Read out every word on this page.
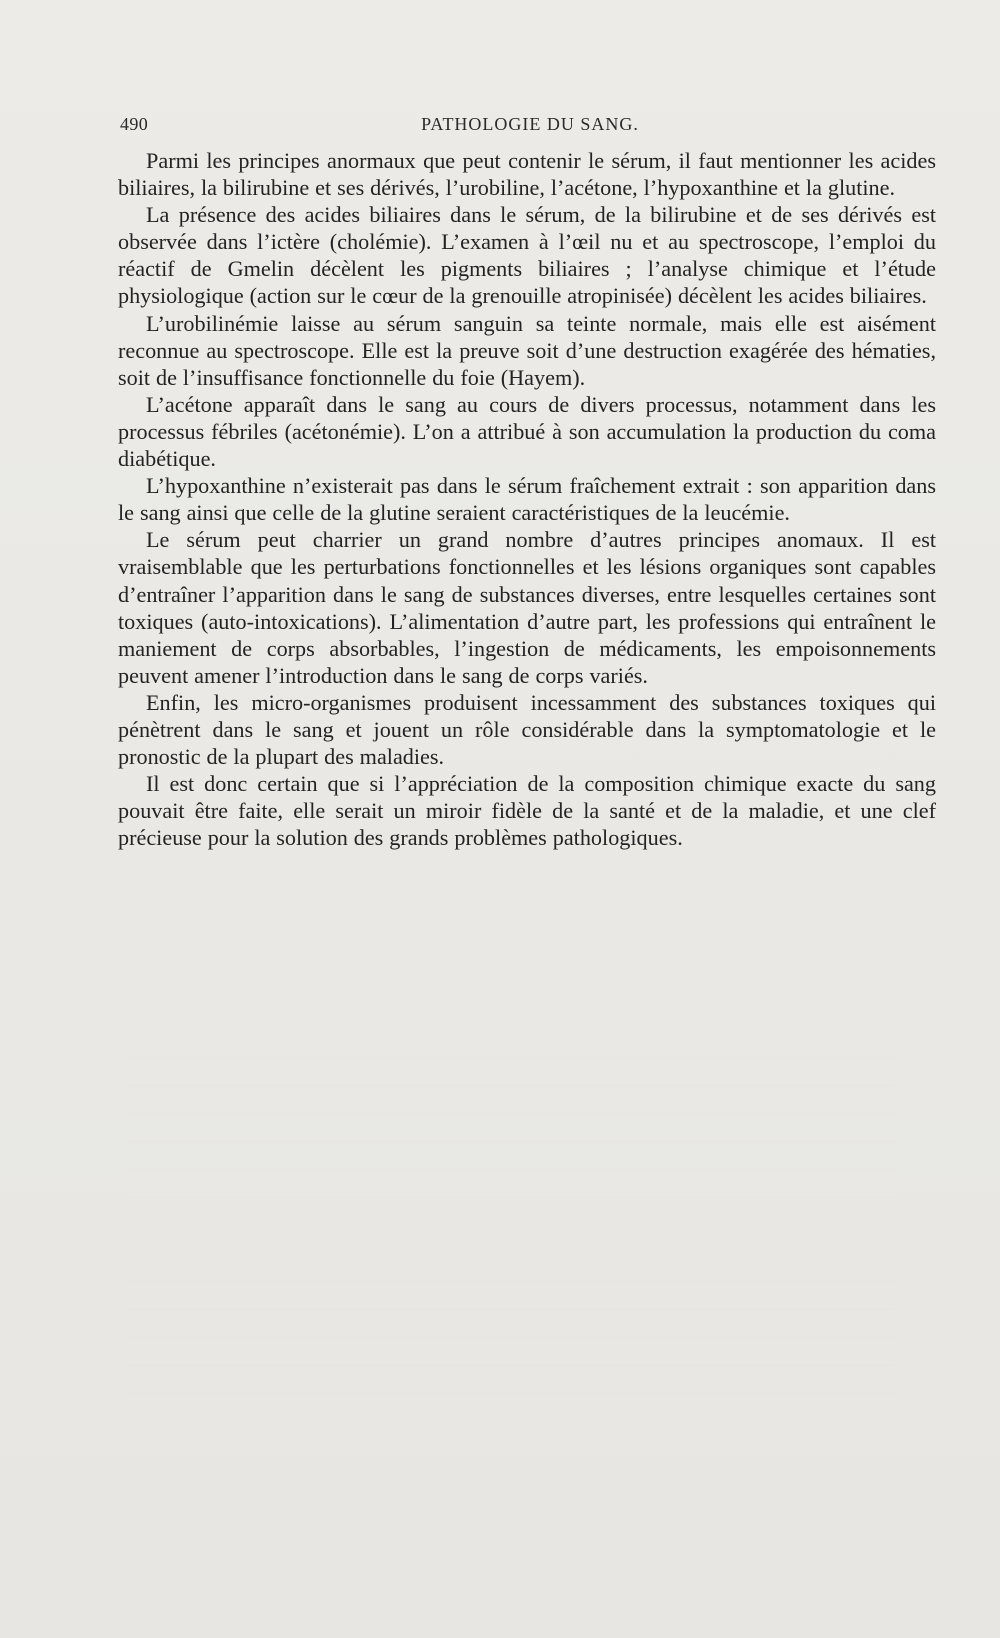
490	PATHOLOGIE DU SANG.

Parmi les principes anormaux que peut contenir le sérum, il faut mentionner les acides biliaires, la bilirubine et ses dérivés, l’urobiline, l’acétone, l’hypoxanthine et la glutine.

La présence des acides biliaires dans le sérum, de la bilirubine et de ses dérivés est observée dans l’ictère (cholémie). L’examen à l’œil nu et au spectroscope, l’emploi du réactif de Gmelin décèlent les pigments biliaires ; l’analyse chimique et l’étude physiologique (action sur le cœur de la grenouille atropinisée) décèlent les acides biliaires.

L’urobilinémie laisse au sérum sanguin sa teinte normale, mais elle est aisément reconnue au spectroscope. Elle est la preuve soit d’une destruction exagérée des hématies, soit de l’insuffisance fonctionnelle du foie (Hayem).

L’acétone apparaît dans le sang au cours de divers processus, notamment dans les processus fébriles (acétonémie). L’on a attribué à son accumulation la production du coma diabétique.

L’hypoxanthine n’existerait pas dans le sérum fraîchement extrait : son apparition dans le sang ainsi que celle de la glutine seraient caractéristiques de la leucémie.

Le sérum peut charrier un grand nombre d’autres principes anomaux. Il est vraisemblable que les perturbations fonctionnelles et les lésions organiques sont capables d’entraîner l’apparition dans le sang de substances diverses, entre lesquelles certaines sont toxiques (auto-intoxications). L’alimentation d’autre part, les professions qui entraînent le maniement de corps absorbables, l’ingestion de médicaments, les empoisonnements peuvent amener l’introduction dans le sang de corps variés.

Enfin, les micro-organismes produisent incessamment des substances toxiques qui pénètrent dans le sang et jouent un rôle considérable dans la symptomatologie et le pronostic de la plupart des maladies.

Il est donc certain que si l’appréciation de la composition chimique exacte du sang pouvait être faite, elle serait un miroir fidèle de la santé et de la maladie, et une clef précieuse pour la solution des grands problèmes pathologiques.
